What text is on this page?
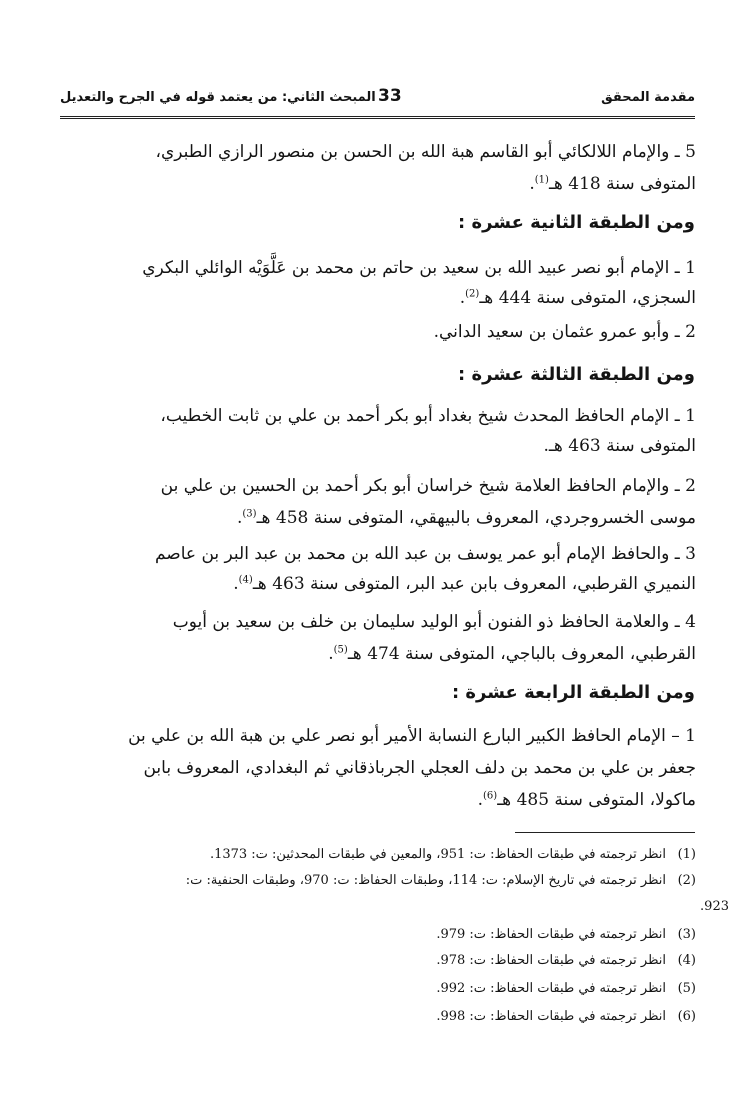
مقدمة المحقق
33
المبحث الثاني: من يعتمد قوله في الجرح والتعديل
5 ـ والإمام اللالكائي أبو القاسم هبة الله بن الحسن بن منصور الرازي الطبري،
المتوفى سنة 418 هـ$^{(1)}$.
ومن الطبقة الثانية عشرة :
1 ـ الإمام أبو نصر عبيد الله بن سعيد بن حاتم بن محمد بن عَلَّوَيْه الوائلي البكري
السجزي، المتوفى سنة 444 هـ$^{(2)}$.
2 ـ وأبو عمرو عثمان بن سعيد الداني.
ومن الطبقة الثالثة عشرة :
1 ـ الإمام الحافظ المحدث شيخ بغداد أبو بكر أحمد بن علي بن ثابت الخطيب،
المتوفى سنة 463 هـ.
2 ـ والإمام الحافظ العلامة شيخ خراسان أبو بكر أحمد بن الحسين بن علي بن
موسى الخسروجردي، المعروف بالبيهقي، المتوفى سنة 458 هـ$^{(3)}$.
3 ـ والحافظ الإمام أبو عمر يوسف بن عبد الله بن محمد بن عبد البر بن عاصم
النميري القرطبي، المعروف بابن عبد البر، المتوفى سنة 463 هـ$^{(4)}$.
4 ـ والعلامة الحافظ ذو الفنون أبو الوليد سليمان بن خلف بن سعيد بن أيوب
القرطبي، المعروف بالباجي، المتوفى سنة 474 هـ$^{(5)}$.
ومن الطبقة الرابعة عشرة :
1 – الإمام الحافظ الكبير البارع النسابة الأمير أبو نصر علي بن هبة الله بن علي بن
جعفر بن علي بن محمد بن دلف العجلي الجرباذقاني ثم البغدادي، المعروف بابن
ماكولا، المتوفى سنة 485 هـ$^{(6)}$.
(1)انظر ترجمته في طبقات الحفاظ: ت: 951، والمعين في طبقات المحدثين: ت: 1373.
(2)انظر ترجمته في تاريخ الإسلام: ت: 114، وطبقات الحفاظ: ت: 970، وطبقات الحنفية: ت:
923.
(3)انظر ترجمته في طبقات الحفاظ: ت: 979.
(4)انظر ترجمته في طبقات الحفاظ: ت: 978.
(5)انظر ترجمته في طبقات الحفاظ: ت: 992.
(6)انظر ترجمته في طبقات الحفاظ: ت: 998.
